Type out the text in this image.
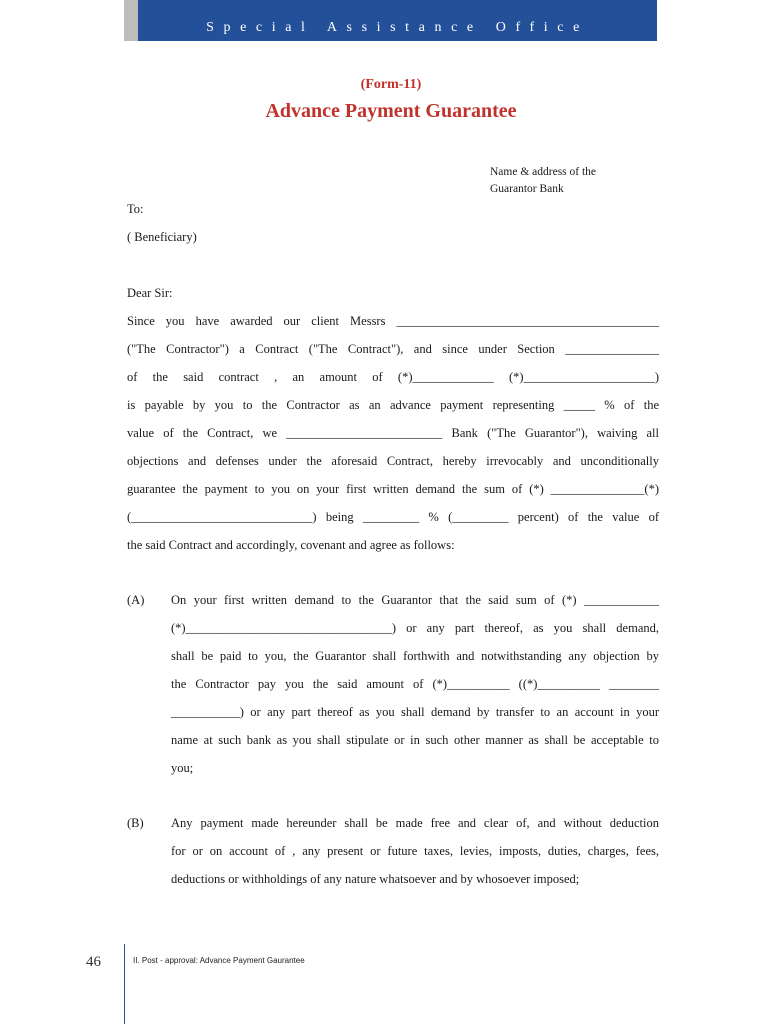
Special Assistance Office
(Form-11)
Advance Payment Guarantee
Name & address of the
Guarantor Bank
To:
( Beneficiary)
Dear Sir:
Since you have awarded our client Messrs __________________________________________
("The Contractor") a Contract ("The Contract"), and since under Section _______________
of the said contract , an amount of (*)_____________ (*)_____________________)
is payable by you to the Contractor as an advance payment representing _____ % of the
value of the Contract, we _________________________ Bank ("The Guarantor"), waiving all
objections and defenses under the aforesaid Contract, hereby irrevocably and unconditionally
guarantee the payment to you on your first written demand the sum of (*) _______________(*)
(_____________________________) being _________ % (_________ percent) of the value of
the said Contract and accordingly, covenant and agree as follows:
(A) On your first written demand to the Guarantor that the said sum of (*) ____________
(*)_________________________________) or any part thereof, as you shall demand,
shall be paid to you, the Guarantor shall forthwith and notwithstanding any objection by
the Contractor pay you the said amount of (*)__________ ((*)__________ ________
___________) or any part thereof as you shall demand by transfer to an account in your
name at such bank as you shall stipulate or in such other manner as shall be acceptable to
you;
(B) Any payment made hereunder shall be made free and clear of, and without deduction
for or on account of , any present or future taxes, levies, imposts, duties, charges, fees,
deductions or withholdings of any nature whatsoever and by whosoever imposed;
46	II. Post - approval: Advance Payment Gaurantee
